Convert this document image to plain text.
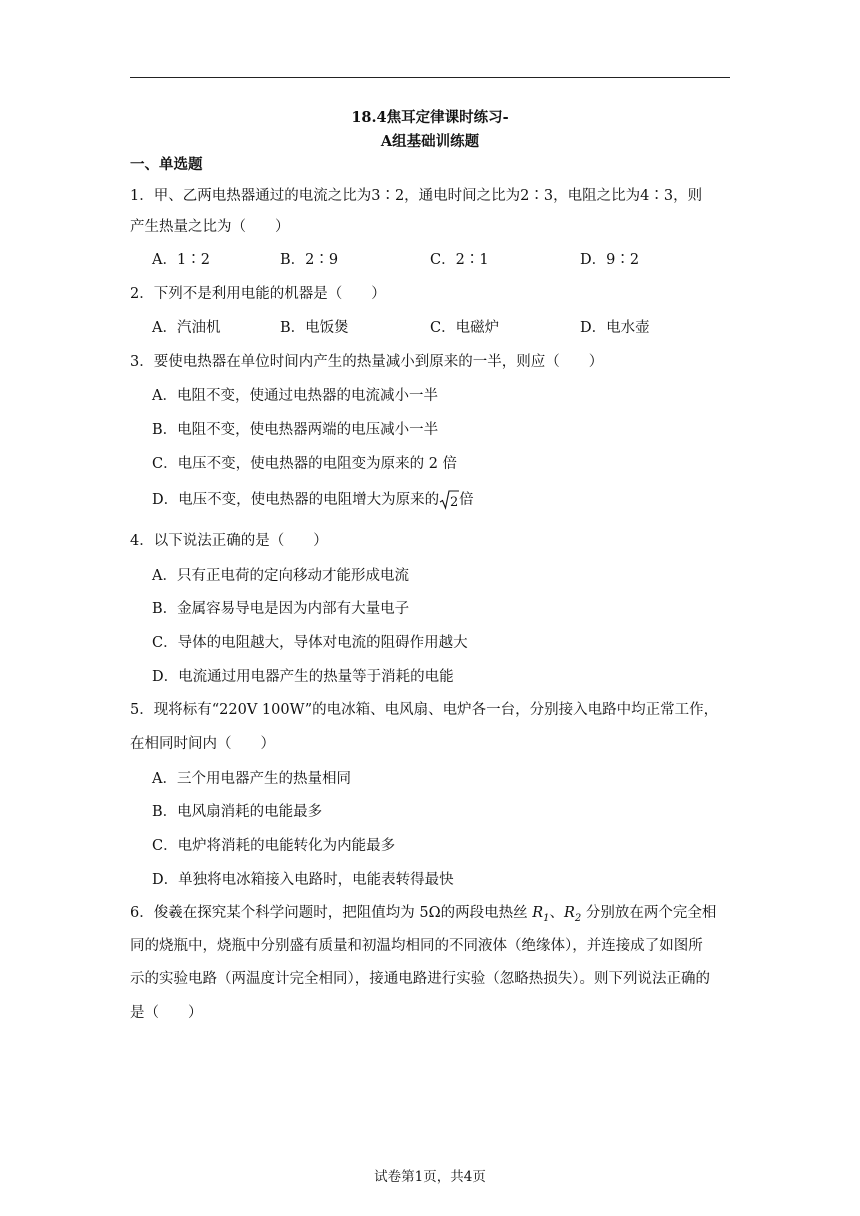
18.4焦耳定律课时练习-
A组基础训练题
一、单选题
1．甲、乙两电热器通过的电流之比为3∶2，通电时间之比为2∶3，电阻之比为4∶3，则
产生热量之比为（　　）
A．1∶2	B．2∶9	C．2∶1	D．9∶2
2．下列不是利用电能的机器是（　　）
A．汽油机	B．电饭煲	C．电磁炉	D．电水壶
3．要使电热器在单位时间内产生的热量减小到原来的一半，则应（　　）
A．电阻不变，使通过电热器的电流减小一半
B．电阻不变，使电热器两端的电压减小一半
C．电压不变，使电热器的电阻变为原来的 2 倍
D．电压不变，使电热器的电阻增大为原来的 2 倍
4．以下说法正确的是（　　）
A．只有正电荷的定向移动才能形成电流
B．金属容易导电是因为内部有大量电子
C．导体的电阻越大，导体对电流的阻碍作用越大
D．电流通过用电器产生的热量等于消耗的电能
5．现将标有“220V 100W”的电冰箱、电风扇、电炉各一台，分别接入电路中均正常工作，
在相同时间内（　　）
A．三个用电器产生的热量相同
B．电风扇消耗的电能最多
C．电炉将消耗的电能转化为内能最多
D．单独将电冰箱接入电路时，电能表转得最快
6．俊羲在探究某个科学问题时，把阻值均为 5Ω的两段电热丝 $R_1$、$R_2$ 分别放在两个完全相
同的烧瓶中，烧瓶中分别盛有质量和初温均相同的不同液体（绝缘体），并连接成了如图所
示的实验电路（两温度计完全相同），接通电路进行实验（忽略热损失）。则下列说法正确的
是（　　）
试卷第1页，共4页
